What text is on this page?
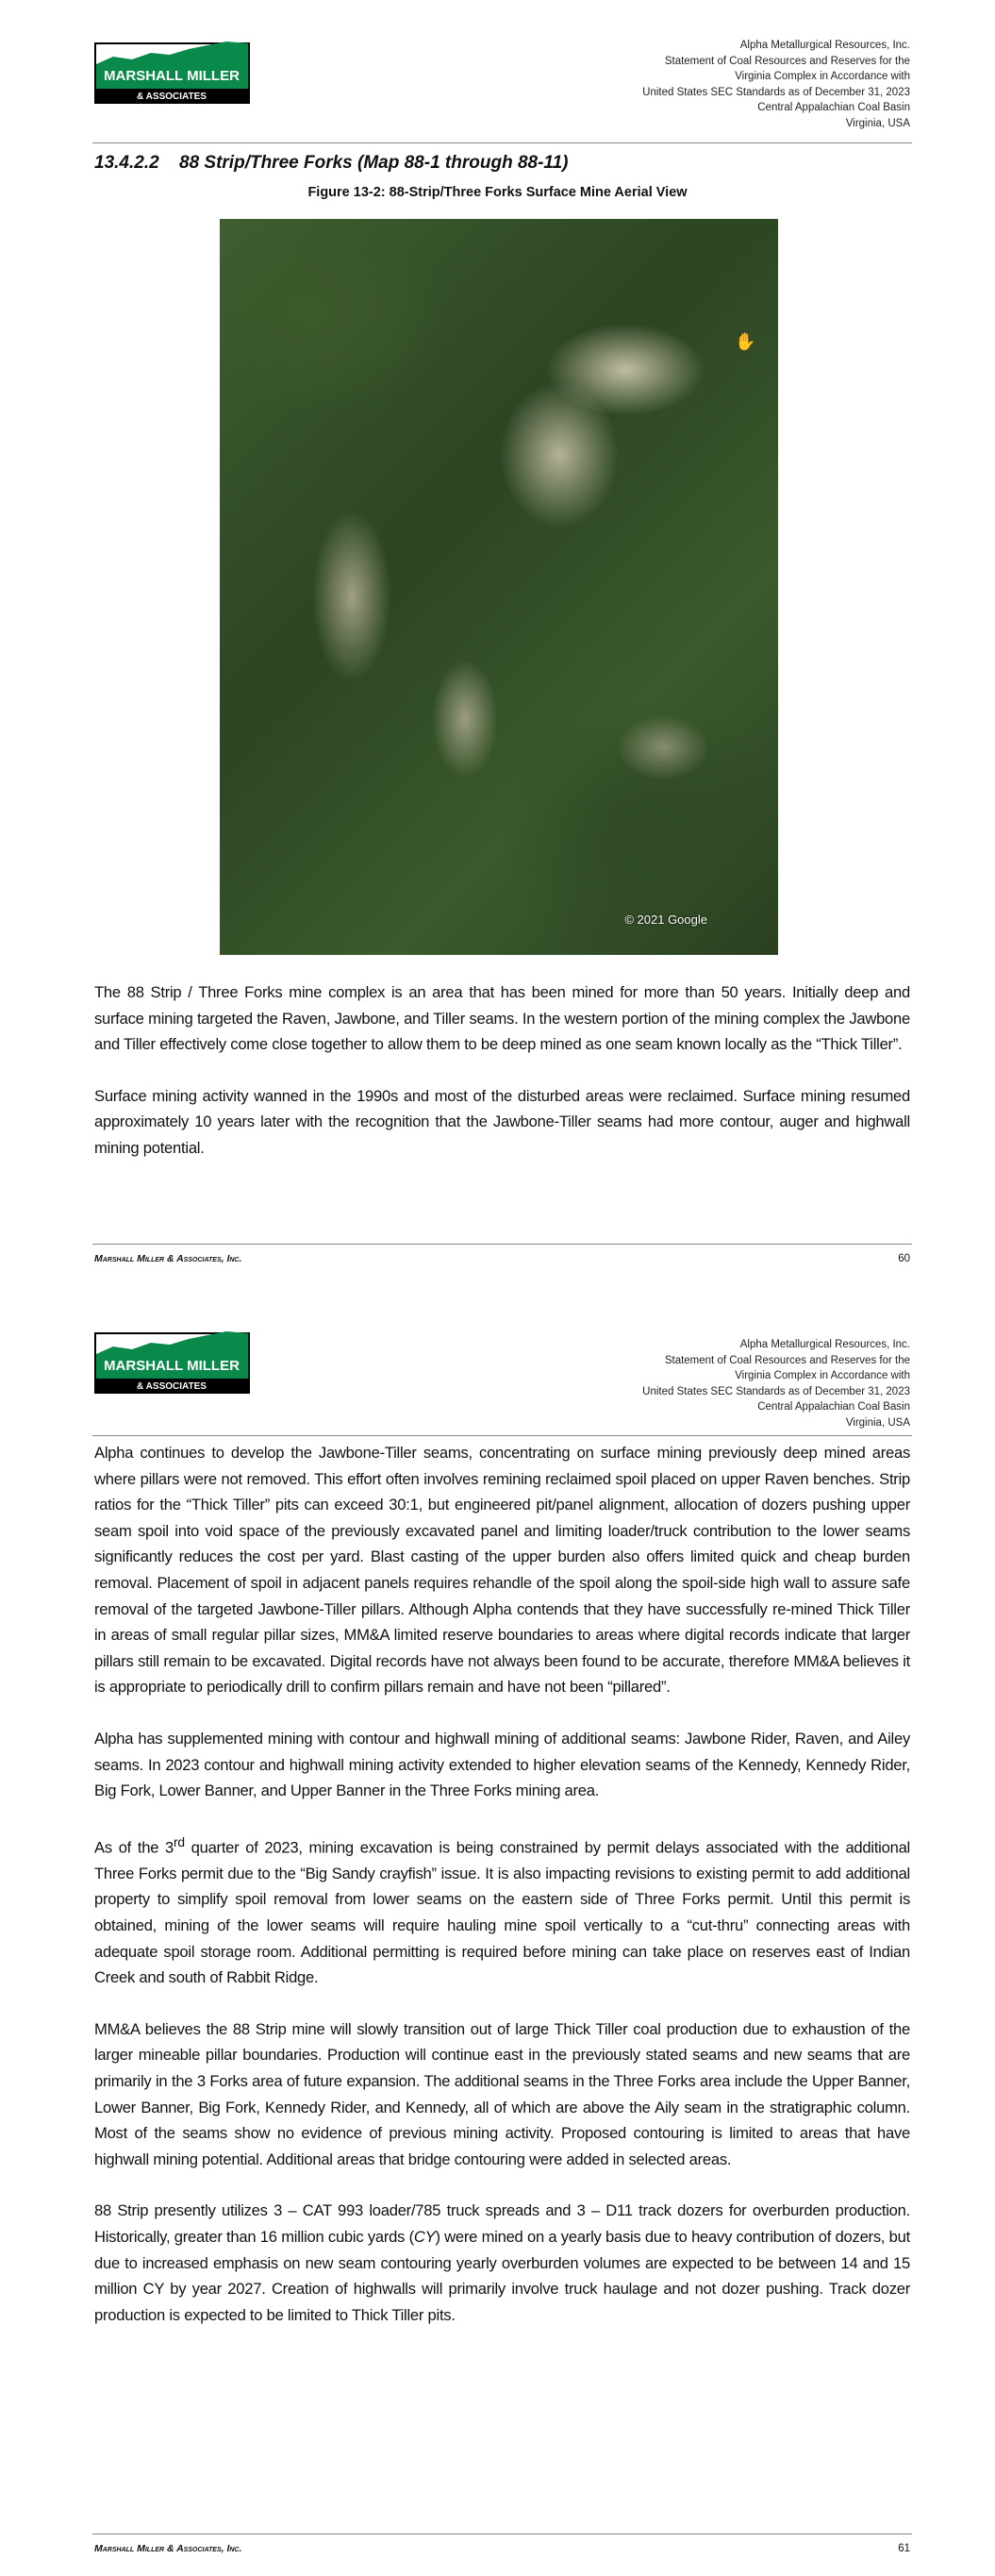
MARSHALL MILLER
& ASSOCIATES
Alpha Metallurgical Resources, Inc.
Statement of Coal Resources and Reserves for the
Virginia Complex in Accordance with
United States SEC Standards as of December 31, 2023
Central Appalachian Coal Basin
Virginia, USA
13.4.2.2 88 Strip/Three Forks (Map 88-1 through 88-11)
Figure 13-2: 88-Strip/Three Forks Surface Mine Aerial View
✋
© 2021 Google

The 88 Strip / Three Forks mine complex is an area that has been mined for more than 50 years. Initially deep and surface mining targeted the Raven, Jawbone, and Tiller seams. In the western portion of the mining complex the Jawbone and Tiller effectively come close together to allow them to be deep mined as one seam known locally as the “Thick Tiller”.

Surface mining activity wanned in the 1990s and most of the disturbed areas were reclaimed. Surface mining resumed approximately 10 years later with the recognition that the Jawbone-Tiller seams had more contour, auger and highwall mining potential.

Marshall Miller & Associates, Inc.	60
MARSHALL MILLER
& ASSOCIATES
Alpha Metallurgical Resources, Inc.
Statement of Coal Resources and Reserves for the
Virginia Complex in Accordance with
United States SEC Standards as of December 31, 2023
Central Appalachian Coal Basin
Virginia, USA

Alpha continues to develop the Jawbone-Tiller seams, concentrating on surface mining previously deep mined areas where pillars were not removed. This effort often involves remining reclaimed spoil placed on upper Raven benches. Strip ratios for the “Thick Tiller” pits can exceed 30:1, but engineered pit/panel alignment, allocation of dozers pushing upper seam spoil into void space of the previously excavated panel and limiting loader/truck contribution to the lower seams significantly reduces the cost per yard. Blast casting of the upper burden also offers limited quick and cheap burden removal. Placement of spoil in adjacent panels requires rehandle of the spoil along the spoil-side high wall to assure safe removal of the targeted Jawbone-Tiller pillars. Although Alpha contends that they have successfully re-mined Thick Tiller in areas of small regular pillar sizes, MM&A limited reserve boundaries to areas where digital records indicate that larger pillars still remain to be excavated. Digital records have not always been found to be accurate, therefore MM&A believes it is appropriate to periodically drill to confirm pillars remain and have not been “pillared”.

Alpha has supplemented mining with contour and highwall mining of additional seams: Jawbone Rider, Raven, and Ailey seams. In 2023 contour and highwall mining activity extended to higher elevation seams of the Kennedy, Kennedy Rider, Big Fork, Lower Banner, and Upper Banner in the Three Forks mining area.

As of the 3rd quarter of 2023, mining excavation is being constrained by permit delays associated with the additional Three Forks permit due to the “Big Sandy crayfish” issue. It is also impacting revisions to existing permit to add additional property to simplify spoil removal from lower seams on the eastern side of Three Forks permit. Until this permit is obtained, mining of the lower seams will require hauling mine spoil vertically to a “cut-thru” connecting areas with adequate spoil storage room. Additional permitting is required before mining can take place on reserves east of Indian Creek and south of Rabbit Ridge.

MM&A believes the 88 Strip mine will slowly transition out of large Thick Tiller coal production due to exhaustion of the larger mineable pillar boundaries. Production will continue east in the previously stated seams and new seams that are primarily in the 3 Forks area of future expansion. The additional seams in the Three Forks area include the Upper Banner, Lower Banner, Big Fork, Kennedy Rider, and Kennedy, all of which are above the Aily seam in the stratigraphic column. Most of the seams show no evidence of previous mining activity. Proposed contouring is limited to areas that have highwall mining potential. Additional areas that bridge contouring were added in selected areas.

88 Strip presently utilizes 3 – CAT 993 loader/785 truck spreads and 3 – D11 track dozers for overburden production. Historically, greater than 16 million cubic yards (CY) were mined on a yearly basis due to heavy contribution of dozers, but due to increased emphasis on new seam contouring yearly overburden volumes are expected to be between 14 and 15 million CY by year 2027. Creation of highwalls will primarily involve truck haulage and not dozer pushing. Track dozer production is expected to be limited to Thick Tiller pits.

Marshall Miller & Associates, Inc.	61
